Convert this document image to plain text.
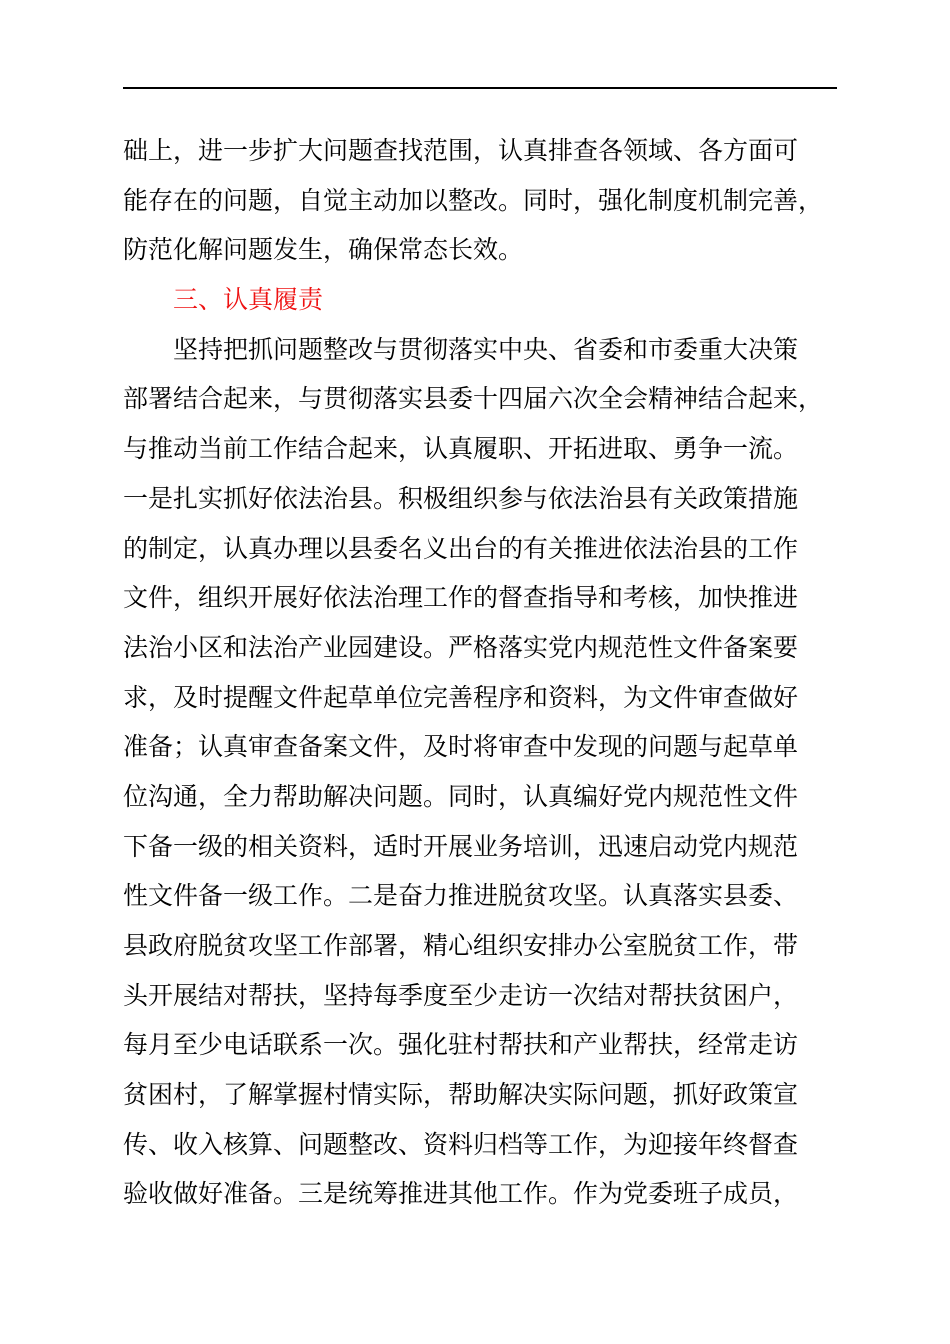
础上，进一步扩大问题查找范围，认真排查各领域、各方面可
能存在的问题，自觉主动加以整改。同时，强化制度机制完善，
防范化解问题发生，确保常态长效。
三、认真履责
坚持把抓问题整改与贯彻落实中央、省委和市委重大决策
部署结合起来，与贯彻落实县委十四届六次全会精神结合起来，
与推动当前工作结合起来，认真履职、开拓进取、勇争一流。
一是扎实抓好依法治县。积极组织参与依法治县有关政策措施
的制定，认真办理以县委名义出台的有关推进依法治县的工作
文件，组织开展好依法治理工作的督查指导和考核，加快推进
法治小区和法治产业园建设。严格落实党内规范性文件备案要
求，及时提醒文件起草单位完善程序和资料，为文件审查做好
准备；认真审查备案文件，及时将审查中发现的问题与起草单
位沟通，全力帮助解决问题。同时，认真编好党内规范性文件
下备一级的相关资料，适时开展业务培训，迅速启动党内规范
性文件备一级工作。二是奋力推进脱贫攻坚。认真落实县委、
县政府脱贫攻坚工作部署，精心组织安排办公室脱贫工作，带
头开展结对帮扶，坚持每季度至少走访一次结对帮扶贫困户，
每月至少电话联系一次。强化驻村帮扶和产业帮扶，经常走访
贫困村，了解掌握村情实际，帮助解决实际问题，抓好政策宣
传、收入核算、问题整改、资料归档等工作，为迎接年终督查
验收做好准备。三是统筹推进其他工作。作为党委班子成员，
